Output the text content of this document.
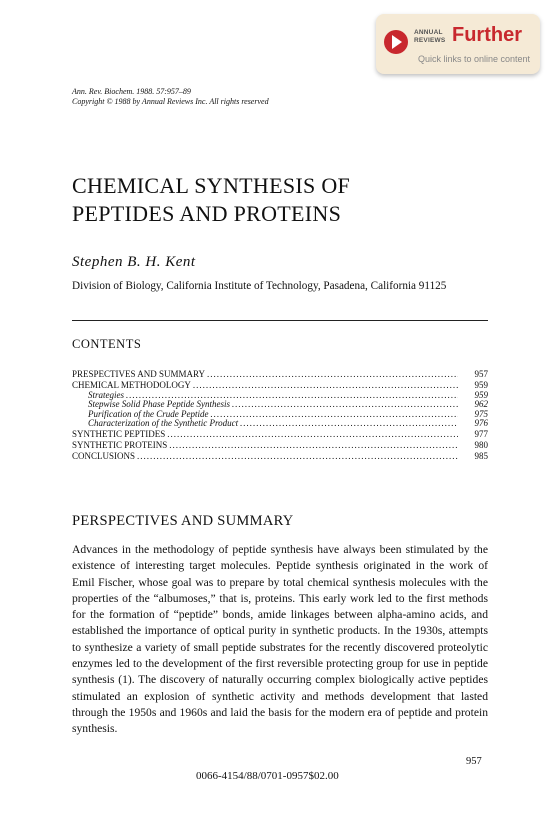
ANNUAL
REVIEWS Further
Quick links to online content
Ann. Rev. Biochem. 1988. 57:957–89
Copyright © 1988 by Annual Reviews Inc. All rights reserved
CHEMICAL SYNTHESIS OF
PEPTIDES AND PROTEINS
Stephen B. H. Kent
Division of Biology, California Institute of Technology, Pasadena, California 91125
CONTENTS
PRESPECTIVES AND SUMMARY .....	957
CHEMICAL METHODOLOGY .....	959
Strategies .....	959
Stepwise Solid Phase Peptide Synthesis .....	962
Purification of the Crude Peptide .....	975
Characterization of the Synthetic Product .....	976
SYNTHETIC PEPTIDES .....	977
SYNTHETIC PROTEINS .....	980
CONCLUSIONS .....	985
PERSPECTIVES AND SUMMARY
Advances in the methodology of peptide synthesis have always been stimulated by the existence of interesting target molecules. Peptide synthesis originated in the work of Emil Fischer, whose goal was to prepare by total chemical synthesis molecules with the properties of the “albumoses,” that is, proteins. This early work led to the first methods for the formation of “peptide” bonds, amide linkages between alpha-amino acids, and established the importance of optical purity in synthetic products. In the 1930s, attempts to synthesize a variety of small peptide substrates for the recently discovered proteolytic enzymes led to the development of the first reversible protecting group for use in peptide synthesis (1). The discovery of naturally occurring complex biologically active peptides stimulated an explosion of synthetic activity and methods development that lasted through the 1950s and 1960s and laid the basis for the modern era of peptide and protein synthesis.
957
0066-4154/88/0701-0957$02.00
